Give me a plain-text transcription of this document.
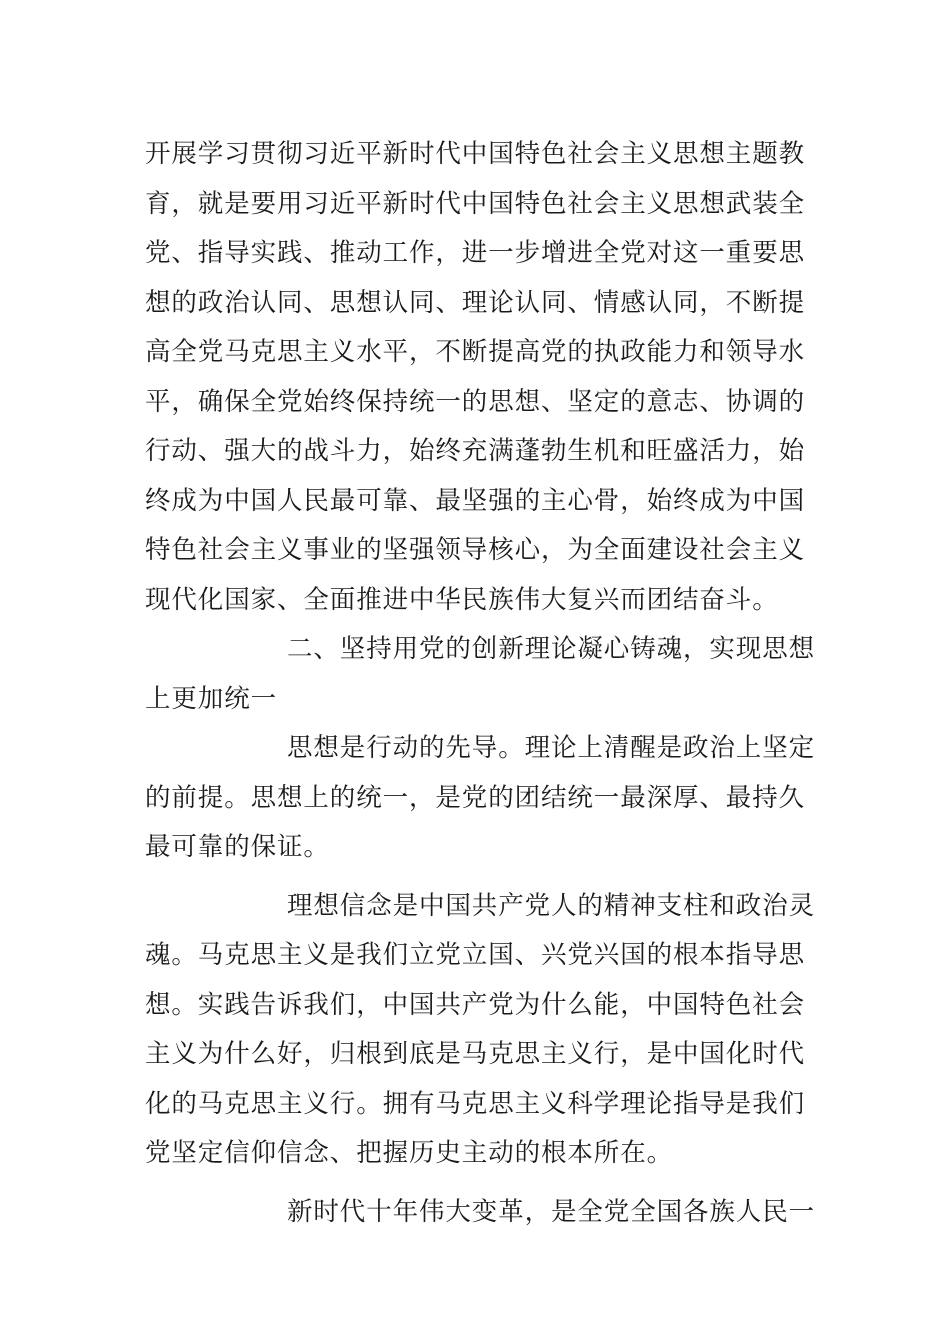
开展学习贯彻习近平新时代中国特色社会主义思想主题教
育，就是要用习近平新时代中国特色社会主义思想武装全
党、指导实践、推动工作，进一步增进全党对这一重要思
想的政治认同、思想认同、理论认同、情感认同，不断提
高全党马克思主义水平，不断提高党的执政能力和领导水
平，确保全党始终保持统一的思想、坚定的意志、协调的
行动、强大的战斗力，始终充满蓬勃生机和旺盛活力，始
终成为中国人民最可靠、最坚强的主心骨，始终成为中国
特色社会主义事业的坚强领导核心，为全面建设社会主义
现代化国家、全面推进中华民族伟大复兴而团结奋斗。
二、坚持用党的创新理论凝心铸魂，实现思想
上更加统一
思想是行动的先导。理论上清醒是政治上坚定
的前提。思想上的统一，是党的团结统一最深厚、最持久
最可靠的保证。
理想信念是中国共产党人的精神支柱和政治灵
魂。马克思主义是我们立党立国、兴党兴国的根本指导思
想。实践告诉我们，中国共产党为什么能，中国特色社会
主义为什么好，归根到底是马克思主义行，是中国化时代
化的马克思主义行。拥有马克思主义科学理论指导是我们
党坚定信仰信念、把握历史主动的根本所在。
新时代十年伟大变革，是全党全国各族人民一
